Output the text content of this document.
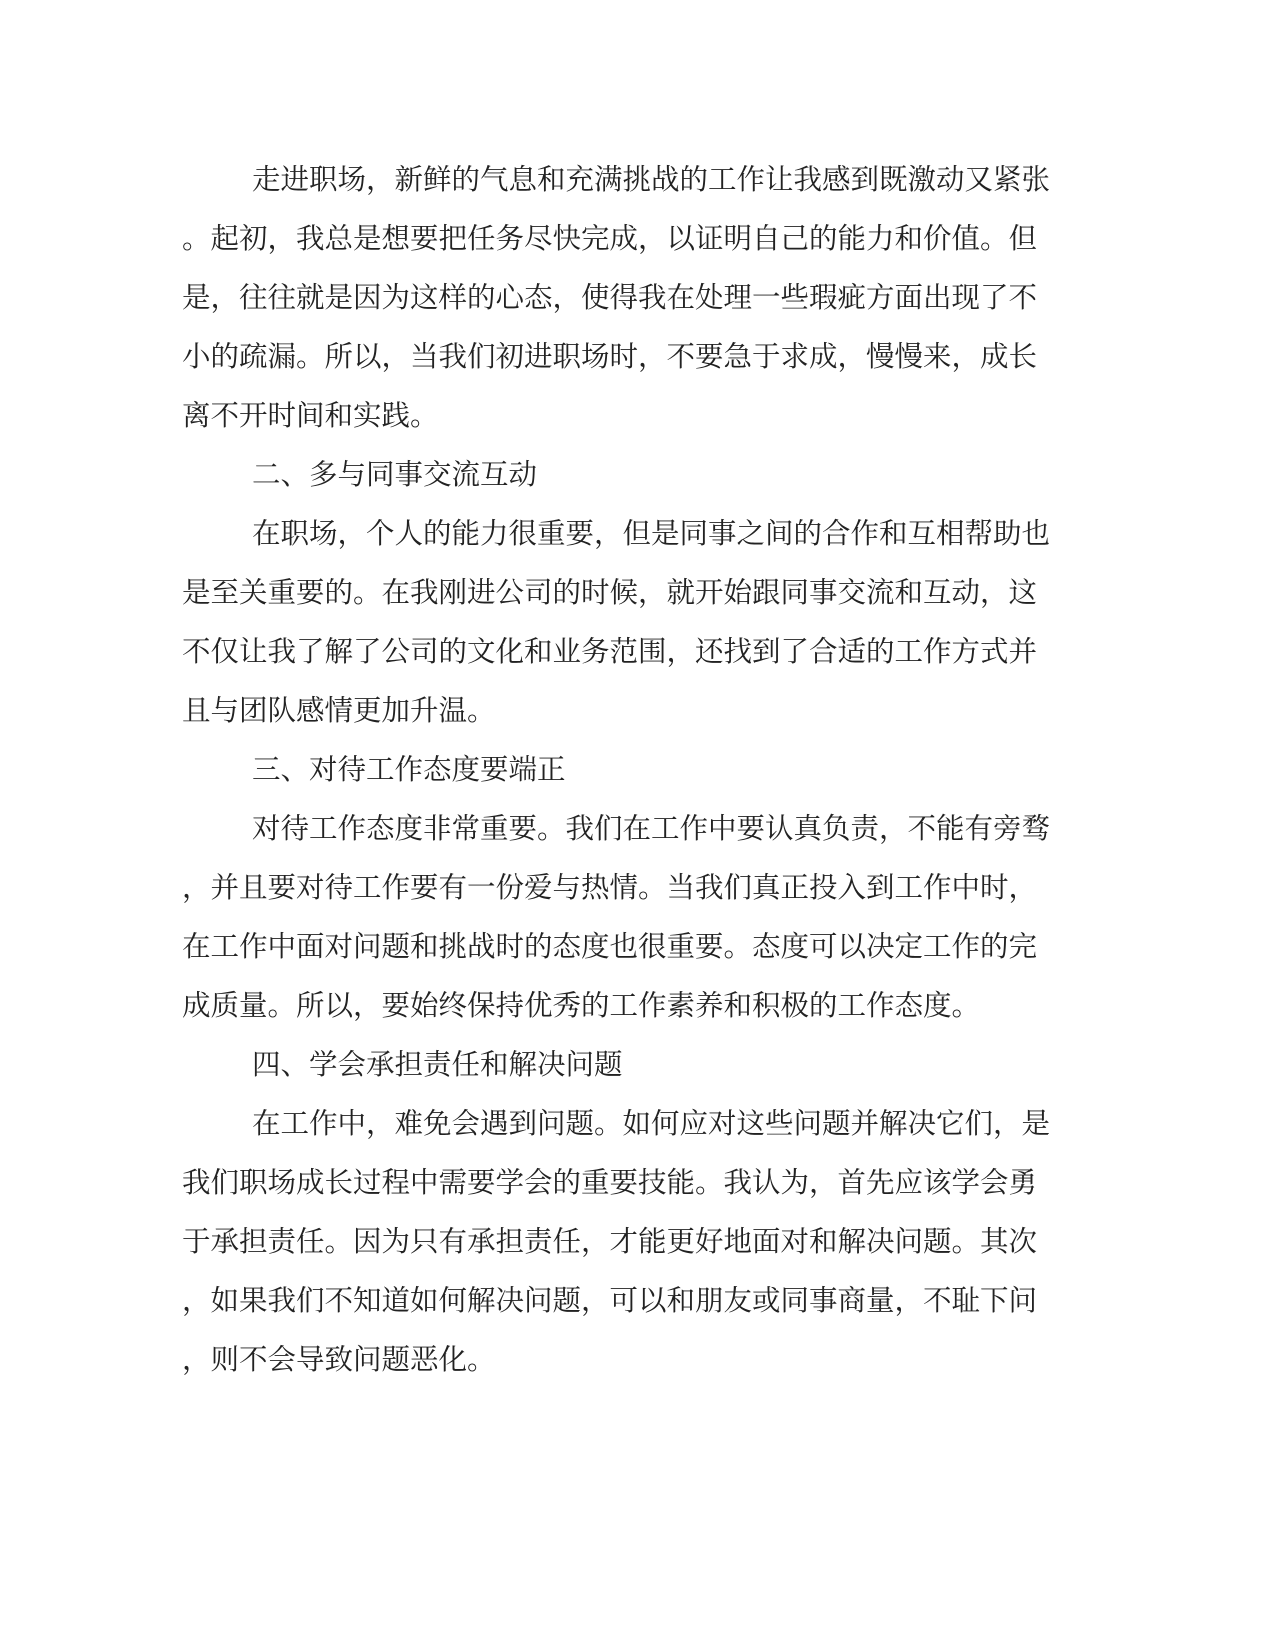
走进职场，新鲜的气息和充满挑战的工作让我感到既激动又紧张

。起初，我总是想要把任务尽快完成，以证明自己的能力和价值。但

是，往往就是因为这样的心态，使得我在处理一些瑕疵方面出现了不

小的疏漏。所以，当我们初进职场时，不要急于求成，慢慢来，成长

离不开时间和实践。

二、多与同事交流互动

在职场，个人的能力很重要，但是同事之间的合作和互相帮助也

是至关重要的。在我刚进公司的时候，就开始跟同事交流和互动，这

不仅让我了解了公司的文化和业务范围，还找到了合适的工作方式并

且与团队感情更加升温。

三、对待工作态度要端正

对待工作态度非常重要。我们在工作中要认真负责，不能有旁骛

，并且要对待工作要有一份爱与热情。当我们真正投入到工作中时，

在工作中面对问题和挑战时的态度也很重要。态度可以决定工作的完

成质量。所以，要始终保持优秀的工作素养和积极的工作态度。

四、学会承担责任和解决问题

在工作中，难免会遇到问题。如何应对这些问题并解决它们，是

我们职场成长过程中需要学会的重要技能。我认为，首先应该学会勇

于承担责任。因为只有承担责任，才能更好地面对和解决问题。其次

，如果我们不知道如何解决问题，可以和朋友或同事商量，不耻下问

，则不会导致问题恶化。
